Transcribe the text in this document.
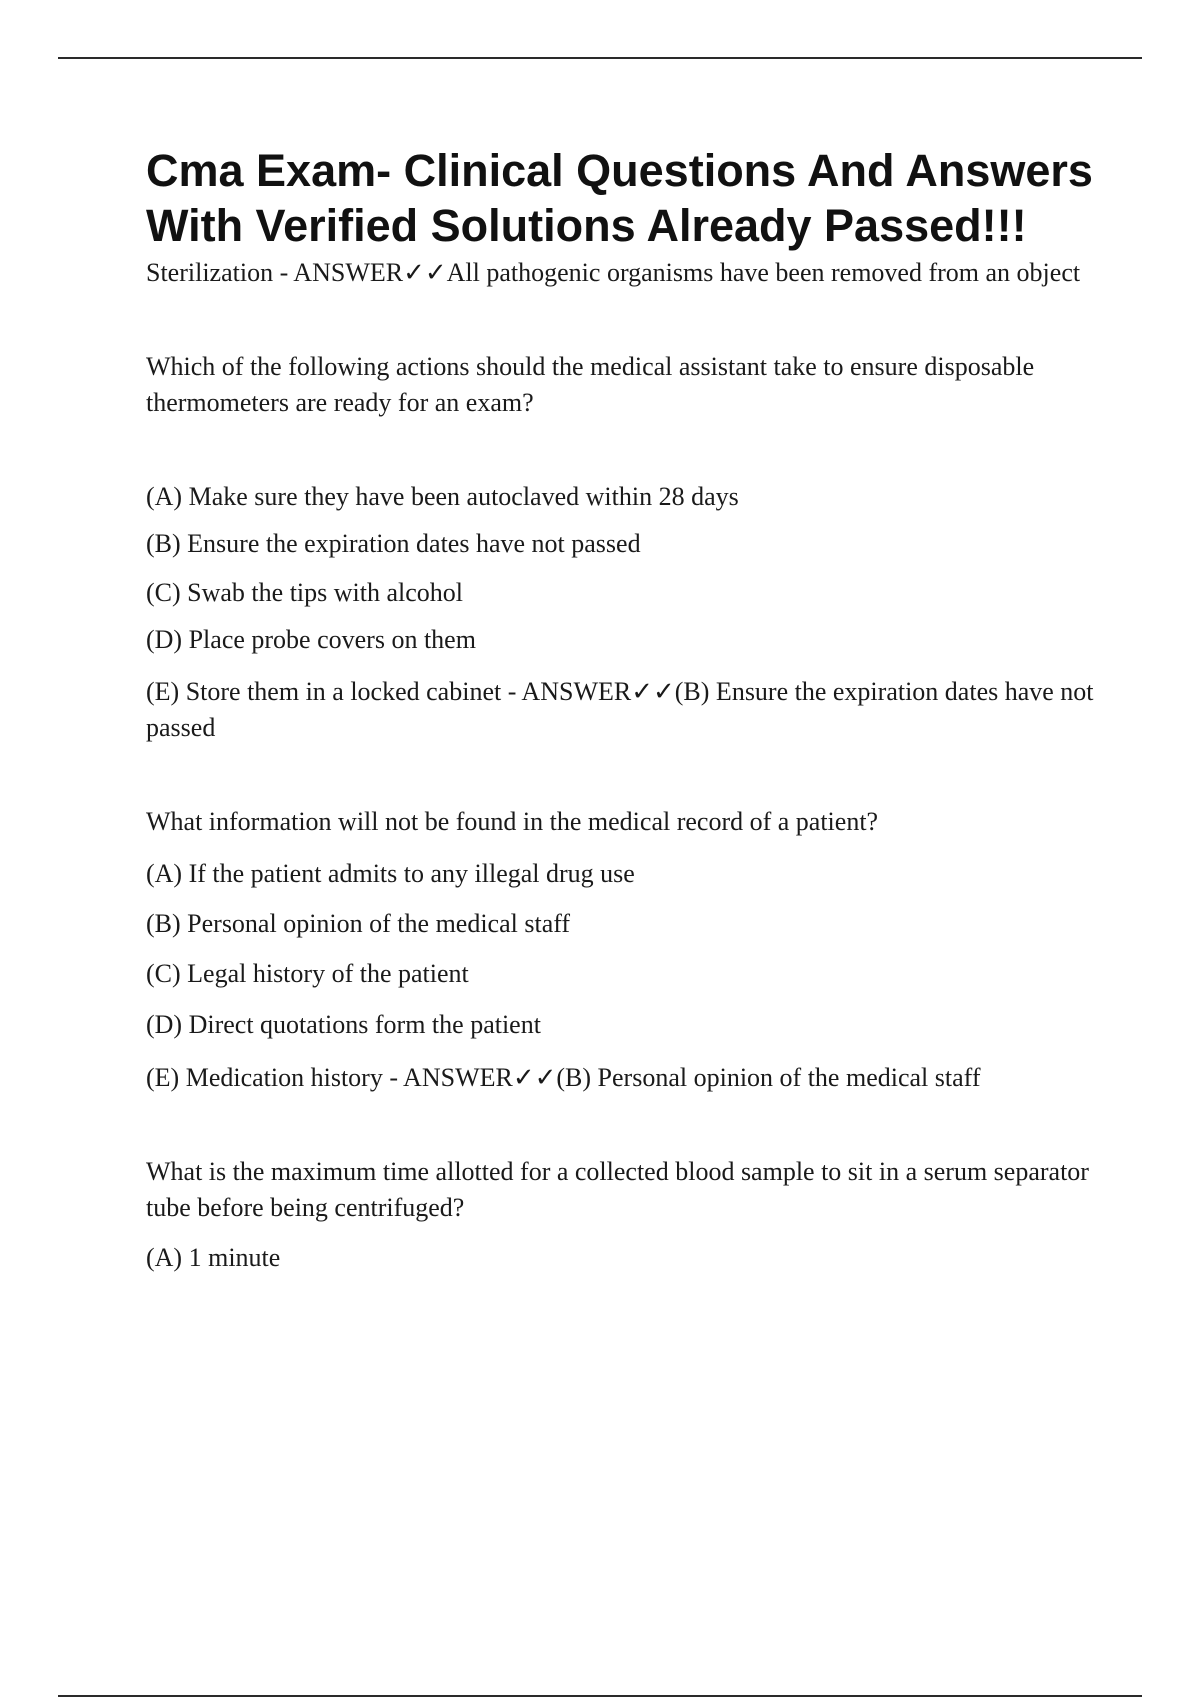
Cma Exam- Clinical Questions And Answers With Verified Solutions Already Passed!!!

Sterilization - ANSWER✓✓All pathogenic organisms have been removed from an object

Which of the following actions should the medical assistant take to ensure disposable thermometers are ready for an exam?

(A) Make sure they have been autoclaved within 28 days

(B) Ensure the expiration dates have not passed

(C) Swab the tips with alcohol

(D) Place probe covers on them

(E) Store them in a locked cabinet - ANSWER✓✓(B) Ensure the expiration dates have not passed

What information will not be found in the medical record of a patient?

(A) If the patient admits to any illegal drug use

(B) Personal opinion of the medical staff

(C) Legal history of the patient

(D) Direct quotations form the patient

(E) Medication history - ANSWER✓✓(B) Personal opinion of the medical staff

What is the maximum time allotted for a collected blood sample to sit in a serum separator tube before being centrifuged?

(A) 1 minute
